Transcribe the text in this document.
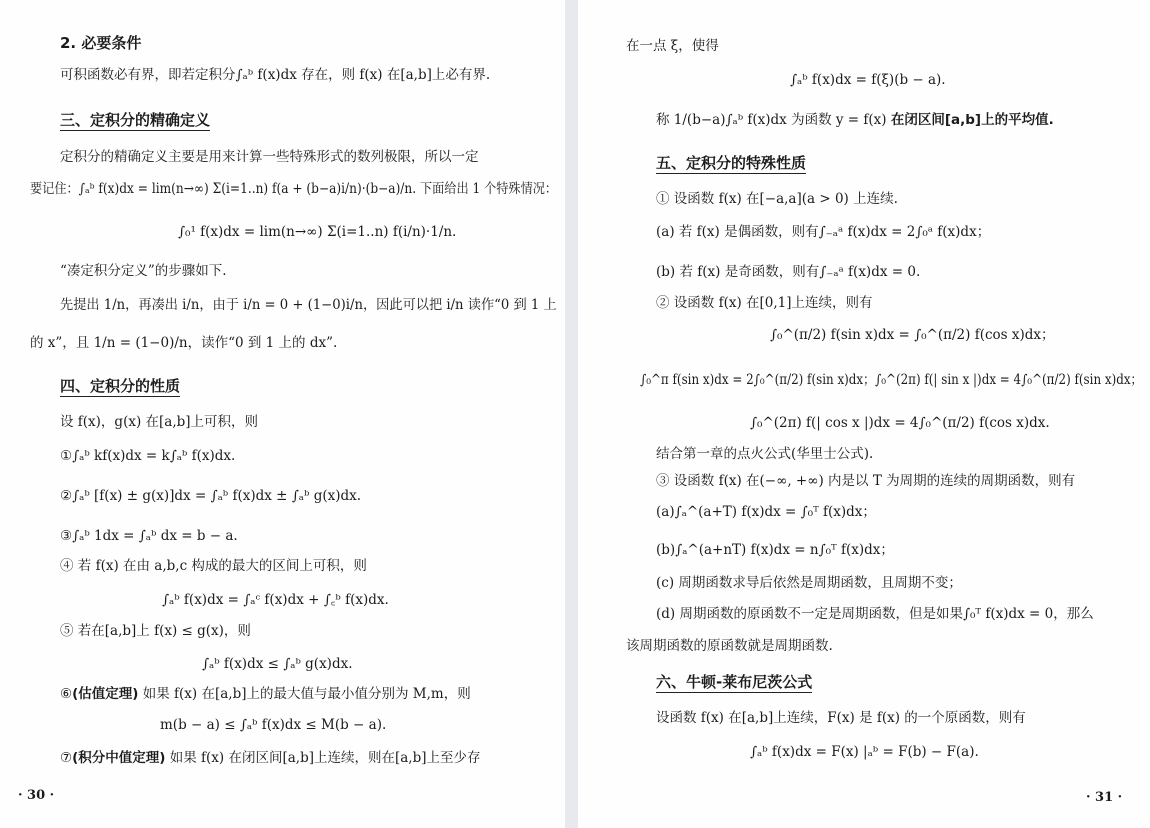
2. 必要条件
可积函数必有界，即若定积分∫ₐᵇ f(x)dx 存在，则 f(x) 在[a,b]上必有界.
三、定积分的精确定义
定积分的精确定义主要是用来计算一些特殊形式的数列极限，所以一定
要记住：∫ₐᵇ f(x)dx = lim(n→∞) Σ(i=1..n) f(a + (b−a)i/n)·(b−a)/n. 下面给出 1 个特殊情况：
∫₀¹ f(x)dx = lim(n→∞) Σ(i=1..n) f(i/n)·1/n.
“凑定积分定义”的步骤如下.
先提出 1/n，再凑出 i/n，由于 i/n = 0 + (1−0)i/n，因此可以把 i/n 读作“0 到 1 上
的 x”，且 1/n = (1−0)/n，读作“0 到 1 上的 dx”.
四、定积分的性质
设 f(x)，g(x) 在[a,b]上可积，则
①∫ₐᵇ kf(x)dx = k∫ₐᵇ f(x)dx.
②∫ₐᵇ [f(x) ± g(x)]dx = ∫ₐᵇ f(x)dx ± ∫ₐᵇ g(x)dx.
③∫ₐᵇ 1dx = ∫ₐᵇ dx = b − a.
④ 若 f(x) 在由 a,b,c 构成的最大的区间上可积，则
∫ₐᵇ f(x)dx = ∫ₐᶜ f(x)dx + ∫꜀ᵇ f(x)dx.
⑤ 若在[a,b]上 f(x) ≤ g(x)，则
∫ₐᵇ f(x)dx ≤ ∫ₐᵇ g(x)dx.
⑥(估值定理) 如果 f(x) 在[a,b]上的最大值与最小值分别为 M,m，则
m(b − a) ≤ ∫ₐᵇ f(x)dx ≤ M(b − a).
⑦(积分中值定理) 如果 f(x) 在闭区间[a,b]上连续，则在[a,b]上至少存
· 30 ·
在一点 ξ，使得
∫ₐᵇ f(x)dx = f(ξ)(b − a).
称 1/(b−a)∫ₐᵇ f(x)dx 为函数 y = f(x) 在闭区间[a,b]上的平均值.
五、定积分的特殊性质
① 设函数 f(x) 在[−a,a](a > 0) 上连续.
(a) 若 f(x) 是偶函数，则有∫₋ₐᵃ f(x)dx = 2∫₀ᵃ f(x)dx；
(b) 若 f(x) 是奇函数，则有∫₋ₐᵃ f(x)dx = 0.
② 设函数 f(x) 在[0,1]上连续，则有
∫₀^(π/2) f(sin x)dx = ∫₀^(π/2) f(cos x)dx；
∫₀^π f(sin x)dx = 2∫₀^(π/2) f(sin x)dx；∫₀^(2π) f(| sin x |)dx = 4∫₀^(π/2) f(sin x)dx；
∫₀^(2π) f(| cos x |)dx = 4∫₀^(π/2) f(cos x)dx.
结合第一章的点火公式(华里士公式).
③ 设函数 f(x) 在(−∞, +∞) 内是以 T 为周期的连续的周期函数，则有
(a)∫ₐ^(a+T) f(x)dx = ∫₀ᵀ f(x)dx；
(b)∫ₐ^(a+nT) f(x)dx = n∫₀ᵀ f(x)dx；
(c) 周期函数求导后依然是周期函数，且周期不变；
(d) 周期函数的原函数不一定是周期函数，但是如果∫₀ᵀ f(x)dx = 0，那么
该周期函数的原函数就是周期函数.
六、牛顿-莱布尼茨公式
设函数 f(x) 在[a,b]上连续，F(x) 是 f(x) 的一个原函数，则有
∫ₐᵇ f(x)dx = F(x) |ₐᵇ = F(b) − F(a).
· 31 ·
